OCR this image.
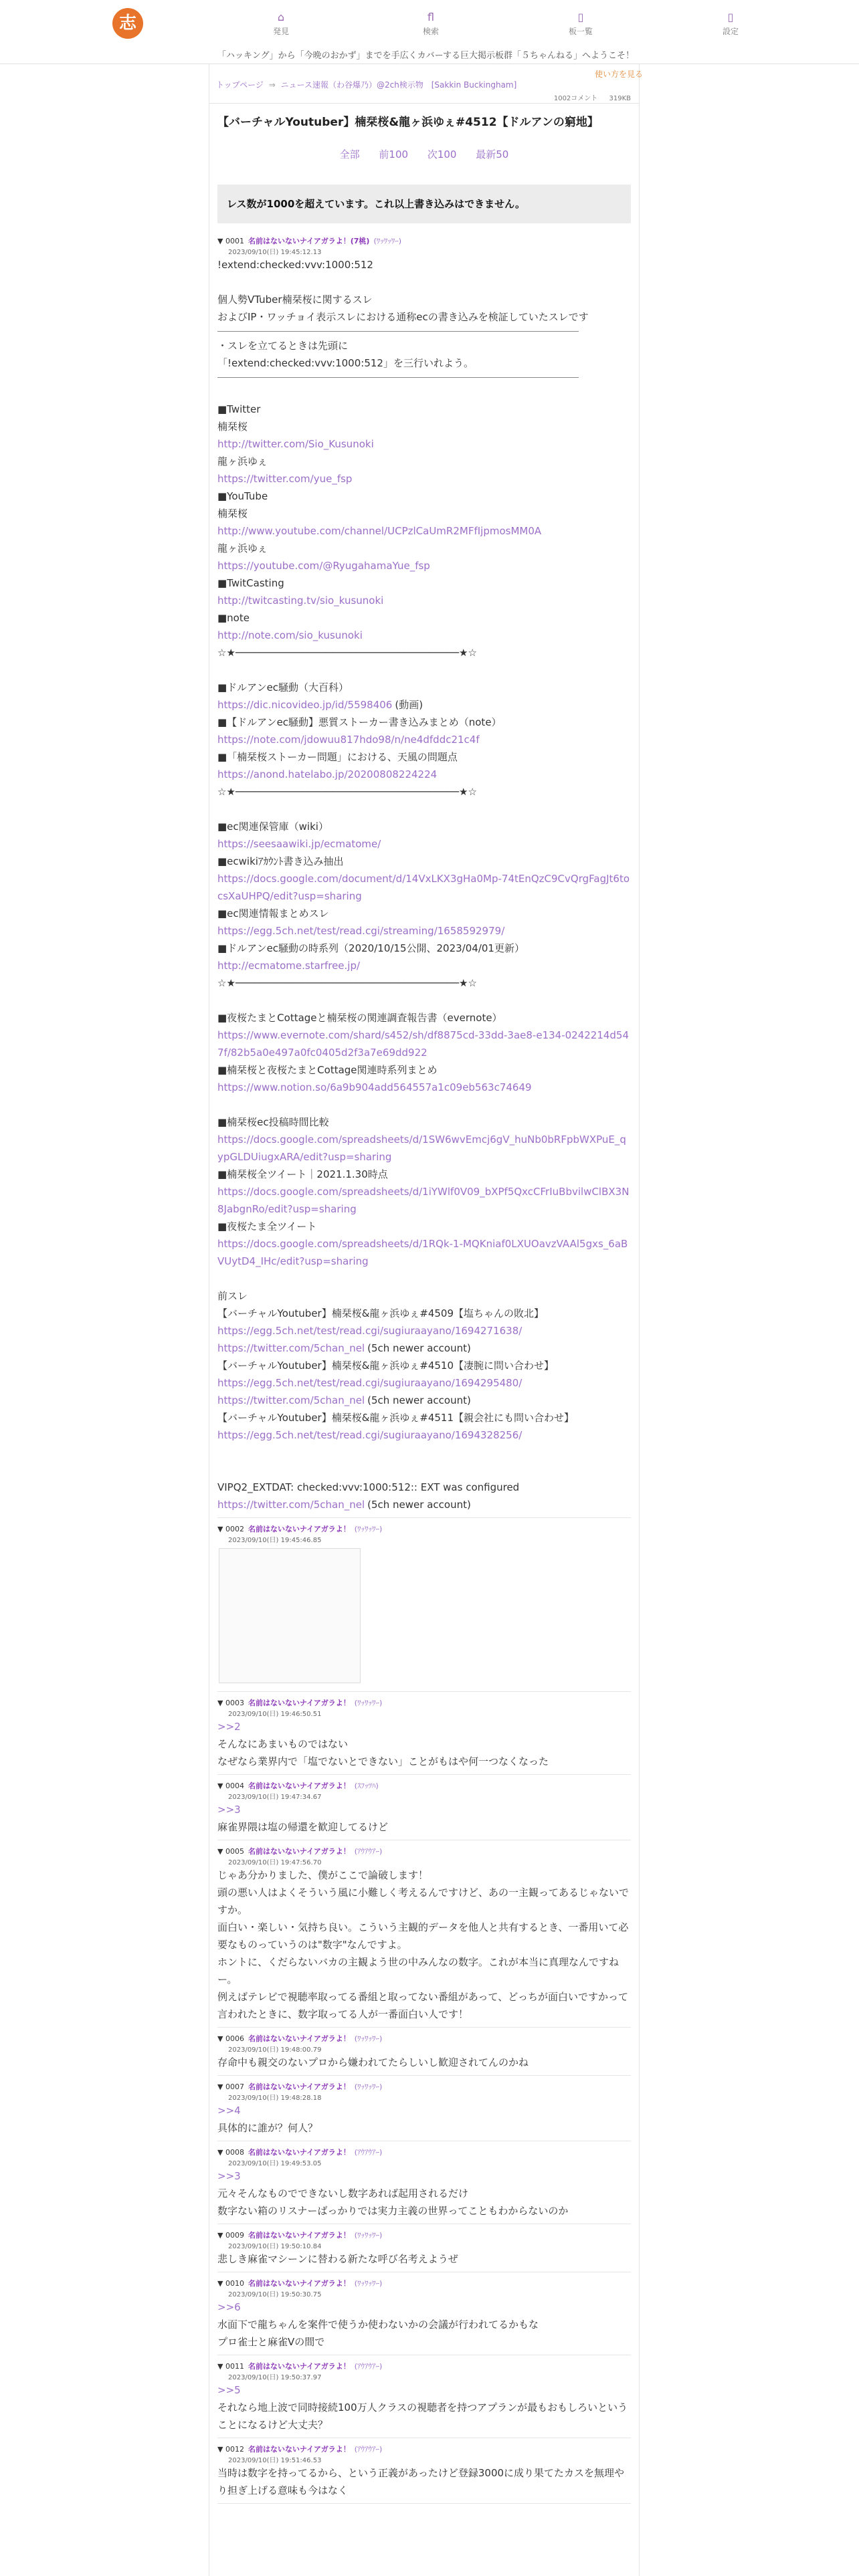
志	⌂
発見
fl
検索
▯
板一覧
▯
設定
「ハッキング」から「今晩のおかず」までを手広くカバーする巨大掲示板群「５ちゃんねる」へようこそ！
トップページ ⇒ ニュース速報（わ谷爆乃）@2ch検示物 [Sakkin Buckingham]
使い方を見る
1002コメント 319KB
【バーチャルYoutuber】楠栞桜&龍ヶ浜ゆぇ#4512【ドルアンの窮地】
全部 前100 次100 最新50
レス数が1000を超えています。これ以上書き込みはできません。
▼ 0001 名前はないないナイアガラよ！(7桃) (ﾜｯﾜｯﾜｰ)
2023/09/10(日) 19:45:12.13
!extend:checked:vvv:1000:512
個人勢VTuber楠栞桜に関するスレ
およびIP・ワッチョイ表示スレにおける通称ecの書き込みを検証していたスレです
・スレを立てるときは先頭に
「!extend:checked:vvv:1000:512」を三行いれよう。
■Twitter
楠栞桜
http://twitter.com/Sio_Kusunoki
龍ヶ浜ゆぇ
https://twitter.com/yue_fsp
■YouTube
楠栞桜
http://www.youtube.com/channel/UCPzlCaUmR2MFfIjpmosMM0A
龍ヶ浜ゆぇ
https://youtube.com/@RyugahamaYue_fsp
■TwitCasting
http://twitcasting.tv/sio_kusunoki
■note
http://note.com/sio_kusunoki
☆★─────────────────────────────────────★☆
■ドルアンec騒動（大百科）
https://dic.nicovideo.jp/id/5598406 (動画)
■【ドルアンec騒動】悪質ストーカー書き込みまとめ（note）
https://note.com/jdowuu817hdo98/n/ne4dfddc21c4f
■「楠栞桜ストーカー問題」における、天風の問題点
https://anond.hatelabo.jp/20200808224224
☆★─────────────────────────────────────★☆
■ec関連保管庫（wiki）
https://seesaawiki.jp/ecmatome/
■ecwikiｱｶｳﾝﾄ書き込み抽出
https://docs.google.com/document/d/14VxLKX3gHa0Mp-74tEnQzC9CvQrgFagJt6tocsXaUHPQ/edit?usp=sharing
■ec関連情報まとめスレ
https://egg.5ch.net/test/read.cgi/streaming/1658592979/
■ドルアンec騒動の時系列（2020/10/15公開、2023/04/01更新）
http://ecmatome.starfree.jp/
☆★─────────────────────────────────────★☆
■夜桜たまとCottageと楠栞桜の関連調査報告書（evernote）
https://www.evernote.com/shard/s452/sh/df8875cd-33dd-3ae8-e134-0242214d547f/82b5a0e497a0fc0405d2f3a7e69dd922
■楠栞桜と夜桜たまとCottage関連時系列まとめ
https://www.notion.so/6a9b904add564557a1c09eb563c74649
■楠栞桜ec投稿時間比較
https://docs.google.com/spreadsheets/d/1SW6wvEmcj6gV_huNb0bRFpbWXPuE_qypGLDUiugxARA/edit?usp=sharing
■楠栞桜全ツイート｜2021.1.30時点
https://docs.google.com/spreadsheets/d/1iYWlf0V09_bXPf5QxcCFrIuBbvilwClBX3N8JabgnRo/edit?usp=sharing
■夜桜たま全ツイート
https://docs.google.com/spreadsheets/d/1RQk-1-MQKniaf0LXUOavzVAAl5gxs_6aBVUytD4_IHc/edit?usp=sharing
前スレ
【バーチャルYoutuber】楠栞桜&龍ヶ浜ゆぇ#4509【塩ちゃんの敗北】
https://egg.5ch.net/test/read.cgi/sugiuraayano/1694271638/
https://twitter.com/5chan_nel (5ch newer account)
【バーチャルYoutuber】楠栞桜&龍ヶ浜ゆぇ#4510【凄腕に問い合わせ】
https://egg.5ch.net/test/read.cgi/sugiuraayano/1694295480/
https://twitter.com/5chan_nel (5ch newer account)
【バーチャルYoutuber】楠栞桜&龍ヶ浜ゆぇ#4511【親会社にも問い合わせ】
https://egg.5ch.net/test/read.cgi/sugiuraayano/1694328256/
VIPQ2_EXTDAT: checked:vvv:1000:512:: EXT was configured
https://twitter.com/5chan_nel (5ch newer account)
▼ 0002 名前はないないナイアガラよ！ (ﾜｯﾜｯﾜｰ)
2023/09/10(日) 19:45:46.85
▼ 0003 名前はないないナイアガラよ！ (ﾜｯﾜｯﾜｰ)
2023/09/10(日) 19:46:50.51
>>2
そんなにあまいものではない
なぜなら業界内で「塩でないとできない」ことがもはや何一つなくなった
▼ 0004 名前はないないナイアガラよ！ (ｽﾌｯﾂﾊ)
2023/09/10(日) 19:47:34.67
>>3
麻雀界隈は塩の帰還を歓迎してるけど
▼ 0005 名前はないないナイアガラよ！ (ｱｳｱｳｱｰ)
2023/09/10(日) 19:47:56.70
じゃあ分かりました、僕がここで論破します！
頭の悪い人はよくそういう風に小難しく考えるんですけど、あの一主観ってあるじゃないですか。
面白い・楽しい・気持ち良い。こういう主観的データを他人と共有するとき、一番用いて必要なものっていうのは"数字"なんですよ。
ホントに、くだらないバカの主観よう世の中みんなの数字。これが本当に真理なんですねー。
例えばテレビで視聴率取ってる番組と取ってない番組があって、どっちが面白いですかって言われたときに、数字取ってる人が一番面白い人です！
▼ 0006 名前はないないナイアガラよ！ (ﾜｯﾜｯﾜｰ)
2023/09/10(日) 19:48:00.79
存命中も親交のないプロから嫌われてたらしいし歓迎されてんのかね
▼ 0007 名前はないないナイアガラよ！ (ﾜｯﾜｯﾜｰ)
2023/09/10(日) 19:48:28.18
>>4
具体的に誰が？何人？
▼ 0008 名前はないないナイアガラよ！ (ｱｳｱｳｱｰ)
2023/09/10(日) 19:49:53.05
>>3
元々そんなものでできないし数字あれば起用されるだけ
数字ない箱のリスナーばっかりでは実力主義の世界ってこともわからないのか
▼ 0009 名前はないないナイアガラよ！ (ﾜｯﾜｯﾜｰ)
2023/09/10(日) 19:50:10.84
悲しき麻雀マシーンに替わる新たな呼び名考えようぜ
▼ 0010 名前はないないナイアガラよ！ (ﾜｯﾜｯﾜｰ)
2023/09/10(日) 19:50:30.75
>>6
水面下で龍ちゃんを案件で使うか使わないかの会議が行われてるかもな
プロ雀士と麻雀Vの間で
▼ 0011 名前はないないナイアガラよ！ (ｱｳｱｳｱｰ)
2023/09/10(日) 19:50:37.97
>>5
それなら地上波で同時接続100万人クラスの視聴者を持つアプランが最もおもしろいということになるけど大丈夫？
▼ 0012 名前はないないナイアガラよ！ (ｱｳｱｳｱｰ)
2023/09/10(日) 19:51:46.53
当時は数字を持ってるから、という正義があったけど登録3000に成り果てたカスを無理やり担ぎ上げる意味も今はなく
